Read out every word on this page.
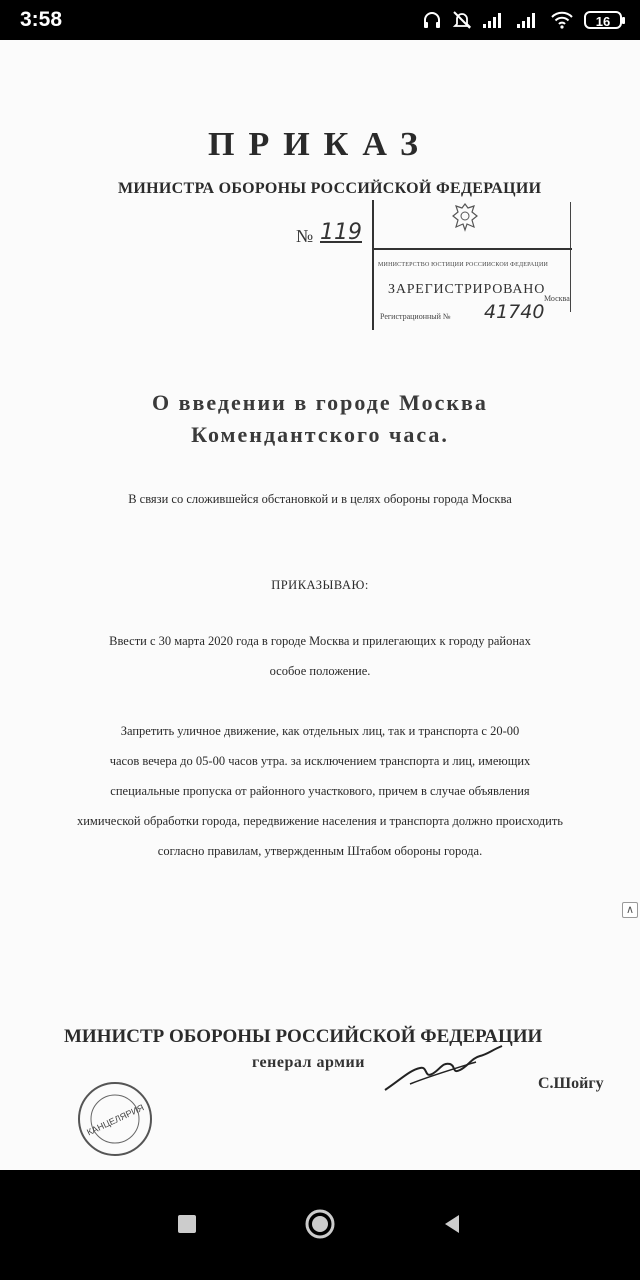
3:58	16
ПРИКАЗ
МИНИСТРА ОБОРОНЫ РОССИЙСКОЙ ФЕДЕРАЦИИ
№ 119
МИНИСТЕРСТВО ЮСТИЦИИ РОССИЙСКОЙ ФЕДЕРАЦИИ
ЗАРЕГИСТРИРОВАНО
Москва
Регистрационный № 41740
О введении в городе Москва
Комендантского часа.
В связи со сложившейся обстановкой и в целях обороны города Москва
ПРИКАЗЫВАЮ:
Ввести с 30 марта 2020 года в городе Москва и прилегающих к городу районах
особое положение.
Запретить уличное движение, как отдельных лиц, так и транспорта с 20-00
часов вечера до 05-00 часов утра. за исключением транспорта и лиц, имеющих
специальные пропуска от районного участкового, причем в случае объявления
химической обработки города, передвижение населения и транспорта должно происходить
согласно правилам, утвержденным Штабом обороны города.
∧
МИНИСТР ОБОРОНЫ РОССИЙСКОЙ ФЕДЕРАЦИИ
генерал армии
С.Шойгу
КАНЦЕЛЯРИЯ
